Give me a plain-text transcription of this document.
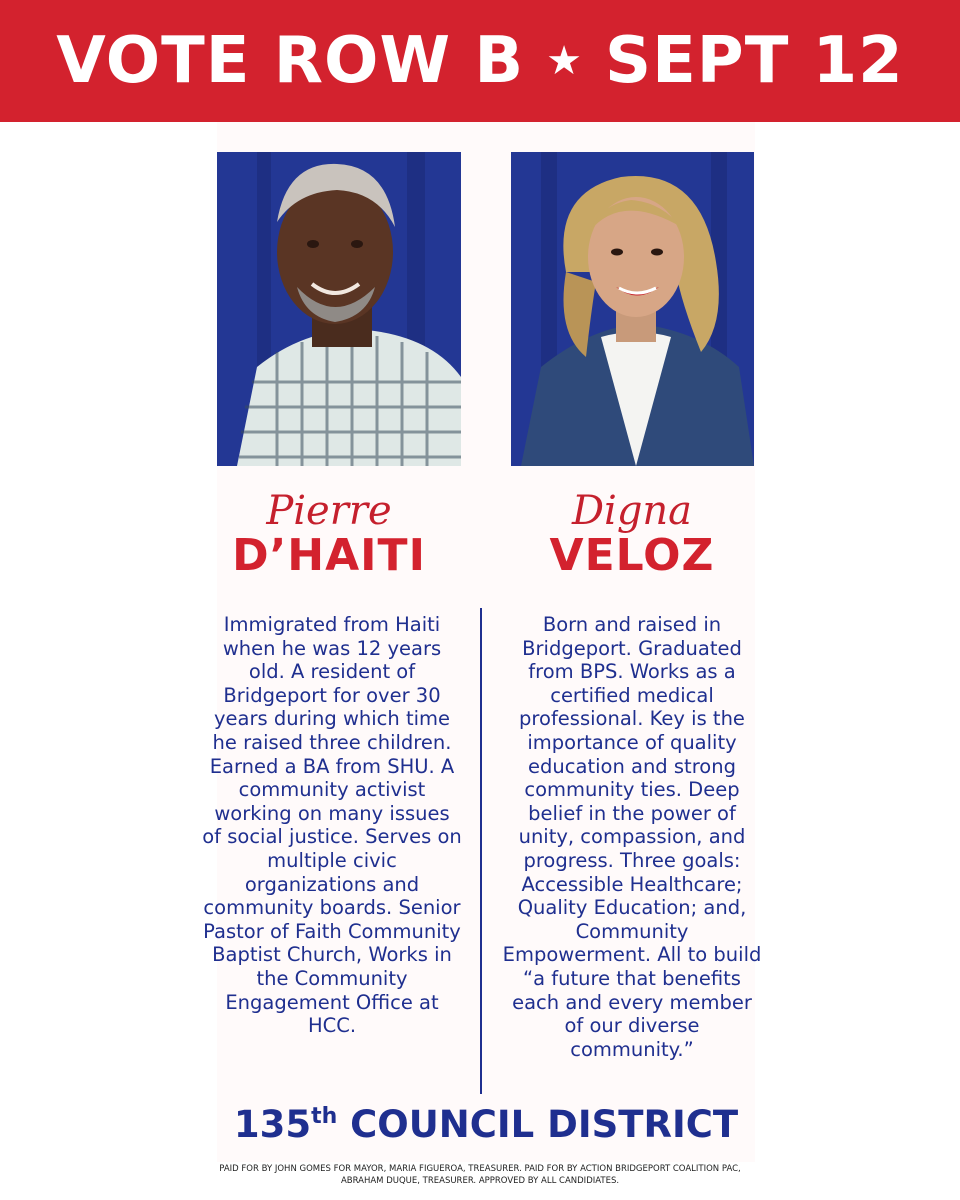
VOTE ROW B ★ SEPT 12
Pierre
D’HAITI
Digna
VELOZ
Immigrated from Haiti when he was 12 years old. A resident of Bridgeport for over 30 years during which time he raised three children. Earned a BA from SHU. A community activist working on many issues of social justice. Serves on multiple civic organizations and community boards. Senior Pastor of Faith Community Baptist Church, Works in the Community Engagement Office at HCC.
Born and raised in Bridgeport. Graduated from BPS. Works as a certified medical professional. Key is the importance of quality education and strong community ties. Deep belief in the power of unity, compassion, and progress. Three goals: Accessible Healthcare; Quality Education; and, Community Empowerment. All to build “a future that benefits each and every member of our diverse community.”
135th COUNCIL DISTRICT
PAID FOR BY JOHN GOMES FOR MAYOR, MARIA FIGUEROA, TREASURER. PAID FOR BY ACTION BRIDGEPORT COALITION PAC, ABRAHAM DUQUE, TREASURER. APPROVED BY ALL CANDIDIATES.
